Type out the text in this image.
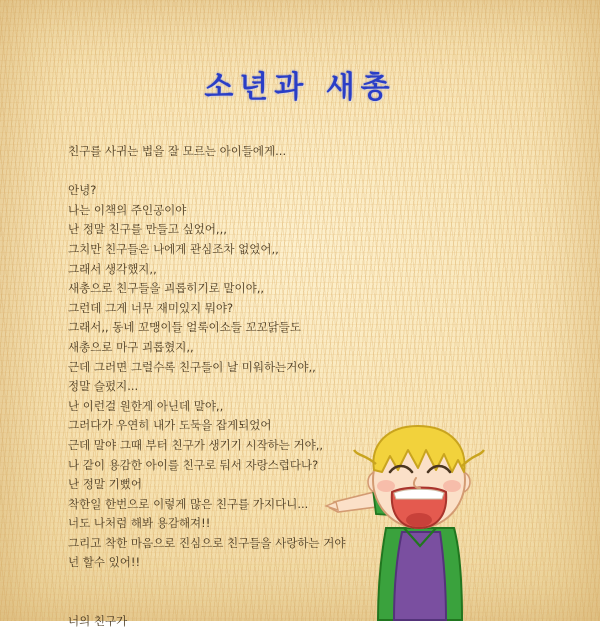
소년과 새총
친구를 사귀는 법을 잘 모르는 아이들에게...
안녕?
나는 이책의 주인공이야
난 정말 친구를 만들고 싶었어,,,
그치만 친구들은 나에게 관심조차 없었어,,
그래서 생각했지,,
새총으로 친구들을 괴롭히기로 말이야,,
그런데 그게 너무 재미있지 뭐야?
그래서,, 동네 꼬맹이들 얼룩이소들 꼬꼬닭들도
새총으로 마구 괴롭혔지,,
근데 그러면 그럴수록 친구들이 날 미워하는거야,,
정말 슬펐지...
난 이런걸 원한게 아닌데 말야,,
그러다가 우연히 내가 도둑을 잡게되었어
근데 말야 그때 부터 친구가 생기기 시작하는 거야,,
나 같이 용감한 아이를 친구로 둬서 자랑스럽다나?
난 정말 기뻤어
착한일 한번으로 이렇게 많은 친구를 가지다니...
너도 나처럼 해봐 용감해져!!
그리고 착한 마음으로 진심으로 친구들을 사랑하는 거야
넌 할수 있어!!
너의 친구가
